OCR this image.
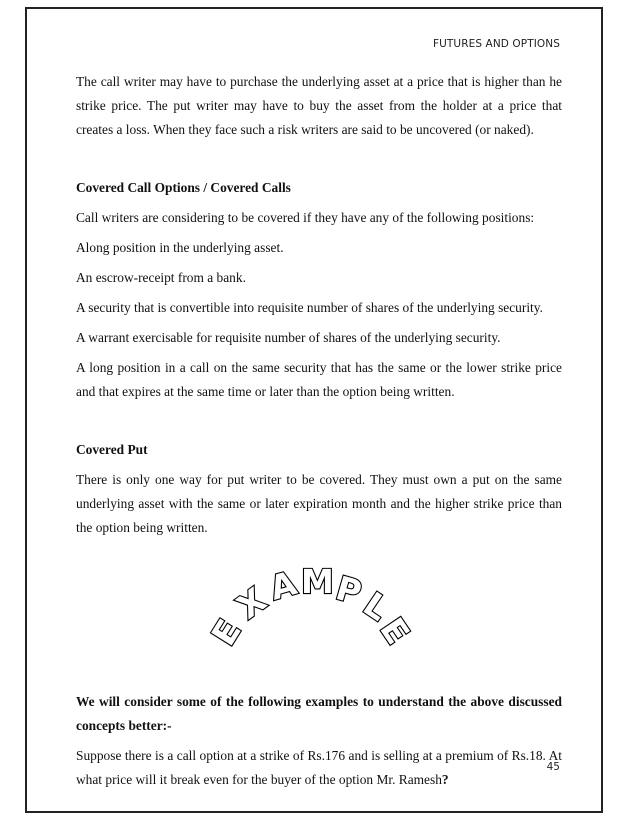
FUTURES AND OPTIONS

The call writer may have to purchase the underlying asset at a price that is higher than he strike price. The put writer may have to buy the asset from the holder at a price that creates a loss. When they face such a risk writers are said to be uncovered (or naked).

Covered Call Options / Covered Calls

Call writers are considering to be covered if they have any of the following positions:

Along position in the underlying asset.

An escrow-receipt from a bank.

A security that is convertible into requisite number of shares of the underlying security.

A warrant exercisable for requisite number of shares of the underlying security.

A long position in a call on the same security that has the same or the lower strike price and that expires at the same time or later than the option being written.

Covered Put

There is only one way for put writer to be covered. They must own a put on the same underlying asset with the same or later expiration month and the higher strike price than the option being written.

E
X
A M
P
L
E

We will consider some of the following examples to understand the above discussed concepts better:-

Suppose there is a call option at a strike of Rs.176 and is selling at a premium of Rs.18. At what price will it break even for the buyer of the option Mr. Ramesh?

45
